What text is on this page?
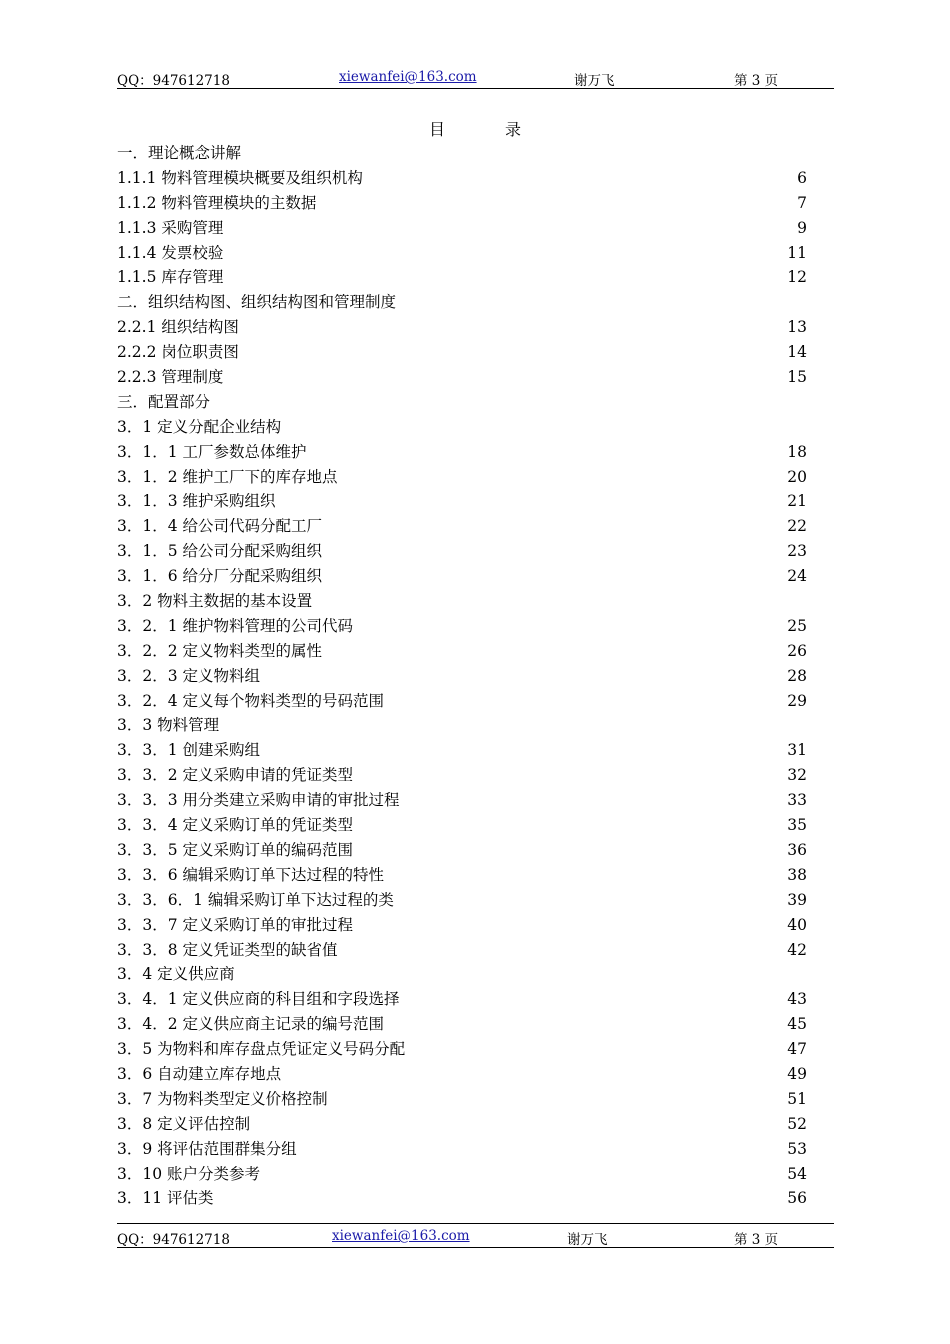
QQ：947612718	xiewanfei@163.com	谢万飞	第 3 页
目	录
一．理论概念讲解
1.1.1 物料管理模块概要及组织机构	6
1.1.2 物料管理模块的主数据	7
1.1.3 采购管理	9
1.1.4 发票校验	11
1.1.5 库存管理	12
二．组织结构图、组织结构图和管理制度
2.2.1 组织结构图	13
2.2.2 岗位职责图	14
2.2.3 管理制度	15
三．配置部分
3．1 定义分配企业结构
3．1．1 工厂参数总体维护	18
3．1．2 维护工厂下的库存地点	20
3．1．3 维护采购组织	21
3．1．4 给公司代码分配工厂	22
3．1．5 给公司分配采购组织	23
3．1．6 给分厂分配采购组织	24
3．2 物料主数据的基本设置
3．2．1 维护物料管理的公司代码	25
3．2．2 定义物料类型的属性	26
3．2．3 定义物料组	28
3．2．4 定义每个物料类型的号码范围	29
3．3 物料管理
3．3．1 创建采购组	31
3．3．2 定义采购申请的凭证类型	32
3．3．3 用分类建立采购申请的审批过程	33
3．3．4 定义采购订单的凭证类型	35
3．3．5 定义采购订单的编码范围	36
3．3．6 编辑采购订单下达过程的特性	38
3．3．6．1 编辑采购订单下达过程的类	39
3．3．7 定义采购订单的审批过程	40
3．3．8 定义凭证类型的缺省值	42
3．4 定义供应商
3．4．1 定义供应商的科目组和字段选择	43
3．4．2 定义供应商主记录的编号范围	45
3．5 为物料和库存盘点凭证定义号码分配	47
3．6 自动建立库存地点	49
3．7 为物料类型定义价格控制	51
3．8 定义评估控制	52
3．9 将评估范围群集分组	53
3．10 账户分类参考	54
3．11 评估类	56
QQ：947612718	xiewanfei@163.com	谢万飞	第 3 页
